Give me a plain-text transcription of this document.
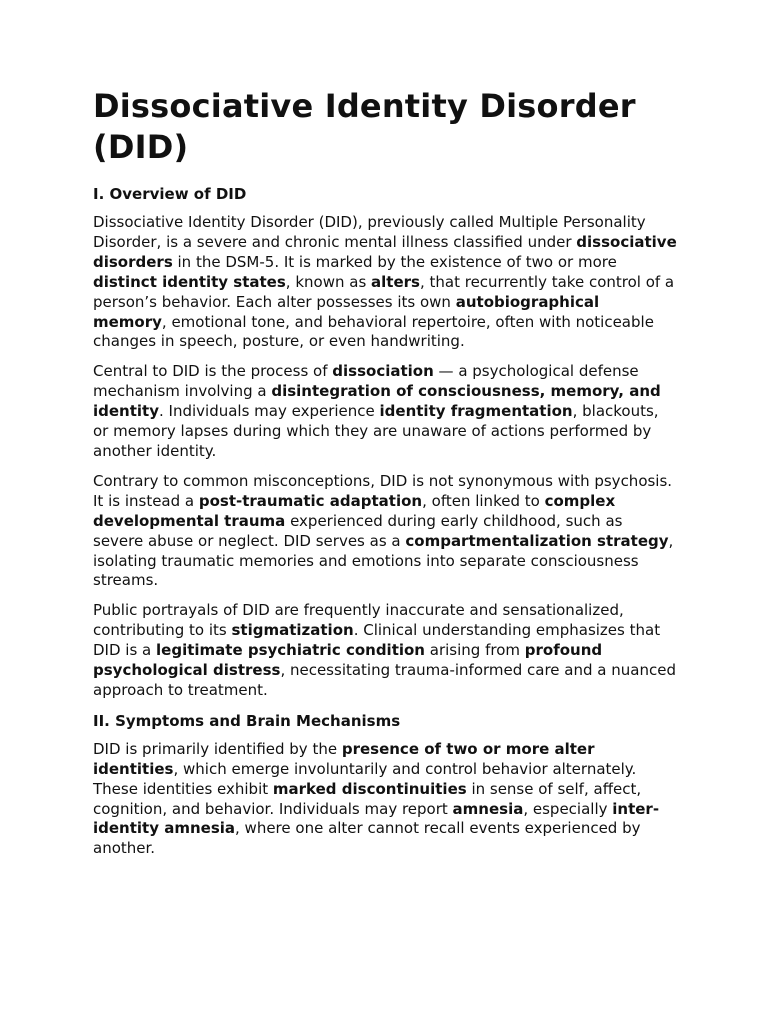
Dissociative Identity Disorder (DID)
I. Overview of DID

Dissociative Identity Disorder (DID), previously called Multiple Personality Disorder, is a severe and chronic mental illness classified under dissociative disorders in the DSM-5. It is marked by the existence of two or more distinct identity states, known as alters, that recurrently take control of a person’s behavior. Each alter possesses its own autobiographical memory, emotional tone, and behavioral repertoire, often with noticeable changes in speech, posture, or even handwriting.

Central to DID is the process of dissociation — a psychological defense mechanism involving a disintegration of consciousness, memory, and identity. Individuals may experience identity fragmentation, blackouts, or memory lapses during which they are unaware of actions performed by another identity.

Contrary to common misconceptions, DID is not synonymous with psychosis. It is instead a post-traumatic adaptation, often linked to complex developmental trauma experienced during early childhood, such as severe abuse or neglect. DID serves as a compartmentalization strategy, isolating traumatic memories and emotions into separate consciousness streams.

Public portrayals of DID are frequently inaccurate and sensationalized, contributing to its stigmatization. Clinical understanding emphasizes that DID is a legitimate psychiatric condition arising from profound psychological distress, necessitating trauma-informed care and a nuanced approach to treatment.

II. Symptoms and Brain Mechanisms

DID is primarily identified by the presence of two or more alter identities, which emerge involuntarily and control behavior alternately. These identities exhibit marked discontinuities in sense of self, affect, cognition, and behavior. Individuals may report amnesia, especially inter-identity amnesia, where one alter cannot recall events experienced by another.
